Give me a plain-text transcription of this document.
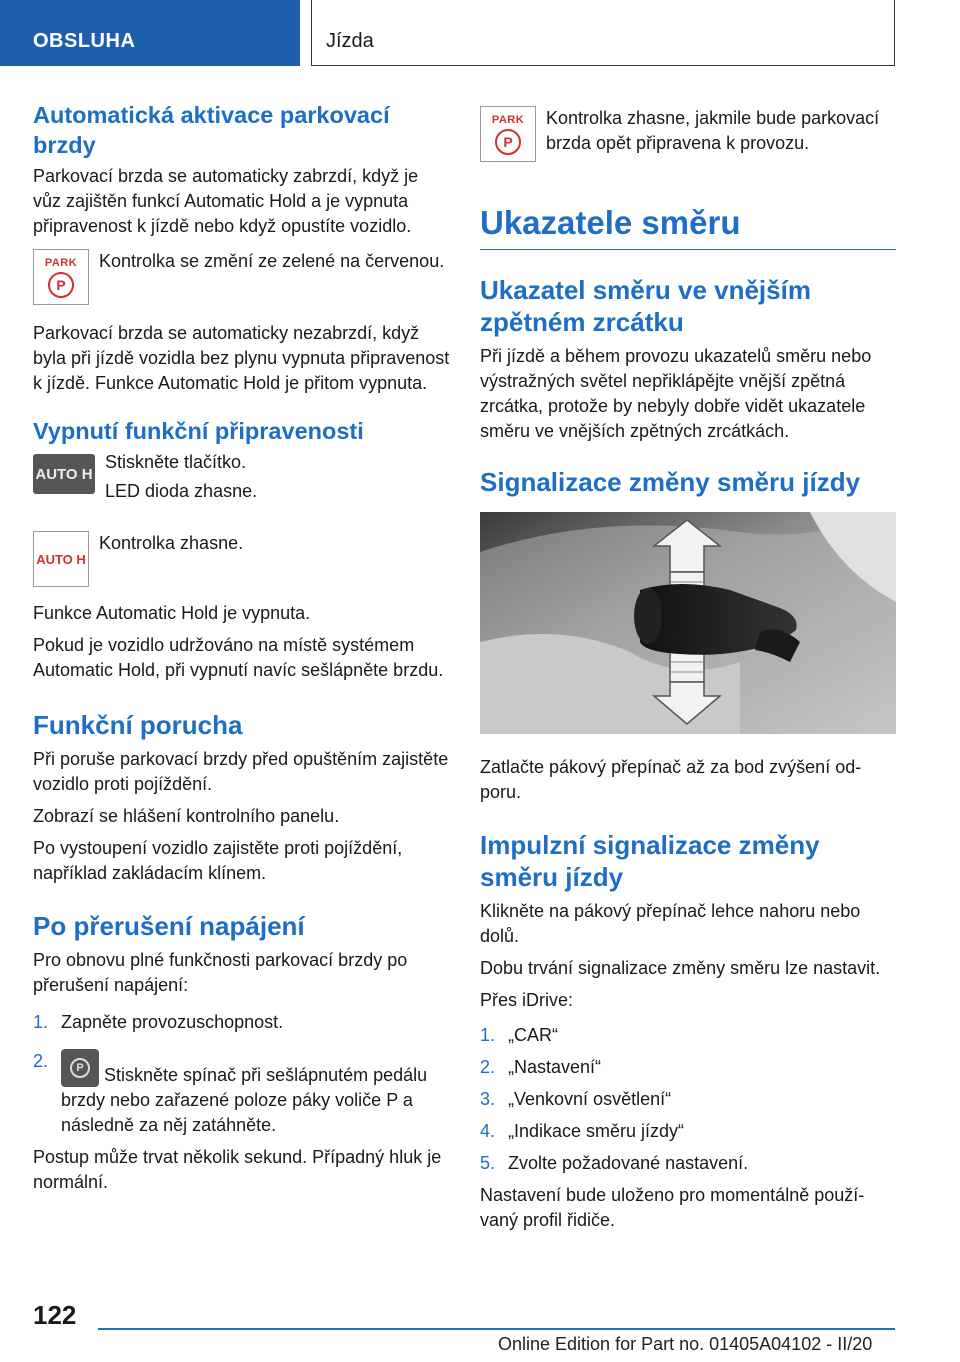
OBSLUHA	Jízda
Automatická aktivace parkovací brzdy

Parkovací brzda se automaticky zabrzdí, když je vůz zajištěn funkcí Automatic Hold a je vypnuta připravenost k jízdě nebo když opustíte vozidlo.

PARK
P

Kontrolka se změní ze zelené na červenou.

Parkovací brzda se automaticky nezabrzdí, když byla při jízdě vozidla bez plynu vypnuta připravenost k jízdě. Funkce Automatic Hold je přitom vypnuta.

Vypnutí funkční připravenosti
AUTO H

Stiskněte tlačítko.

LED dioda zhasne.

AUTO H

Kontrolka zhasne.

Funkce Automatic Hold je vypnuta.

Pokud je vozidlo udržováno na místě systémem Automatic Hold, při vypnutí navíc sešlápněte brzdu.

Funkční porucha

Při poruše parkovací brzdy před opuštěním zajistěte vozidlo proti pojíždění.

Zobrazí se hlášení kontrolního panelu.

Po vystoupení vozidlo zajistěte proti pojíždění, například zakládacím klínem.

Po přerušení napájení

Pro obnovu plné funkčnosti parkovací brzdy po přerušení napájení:

1. Zapněte provozuschopnost.
2.	P Stiskněte spínač při sešlápnutém pedálu brzdy nebo zařazené poloze páky voliče P a následně za něj zatáhněte.

Postup může trvat několik sekund. Případný hluk je normální.

PARK
P

Kontrolka zhasne, jakmile bude parkovací brzda opět připravena k provozu.

Ukazatele směru
Ukazatel směru ve vnějším zpětném zrcátku

Při jízdě a během provozu ukazatelů směru nebo výstražných světel nepřiklápějte vnější zpětná zrcátka, protože by nebyly dobře vidět ukazatele směru ve vnějších zpětných zrcátkách.

Signalizace změny směru jízdy

Zatlačte pákový přepínač až za bod zvýšení odporu.

Impulzní signalizace změny směru jízdy

Klikněte na pákový přepínač lehce nahoru nebo dolů.

Dobu trvání signalizace změny směru lze nastavit.

Přes iDrive:

1. „CAR“
2. „Nastavení“
3. „Venkovní osvětlení“
4. „Indikace směru jízdy“
5. Zvolte požadované nastavení.

Nastavení bude uloženo pro momentálně používaný profil řidiče.

122
Online Edition for Part no. 01405A04102 - II/20
